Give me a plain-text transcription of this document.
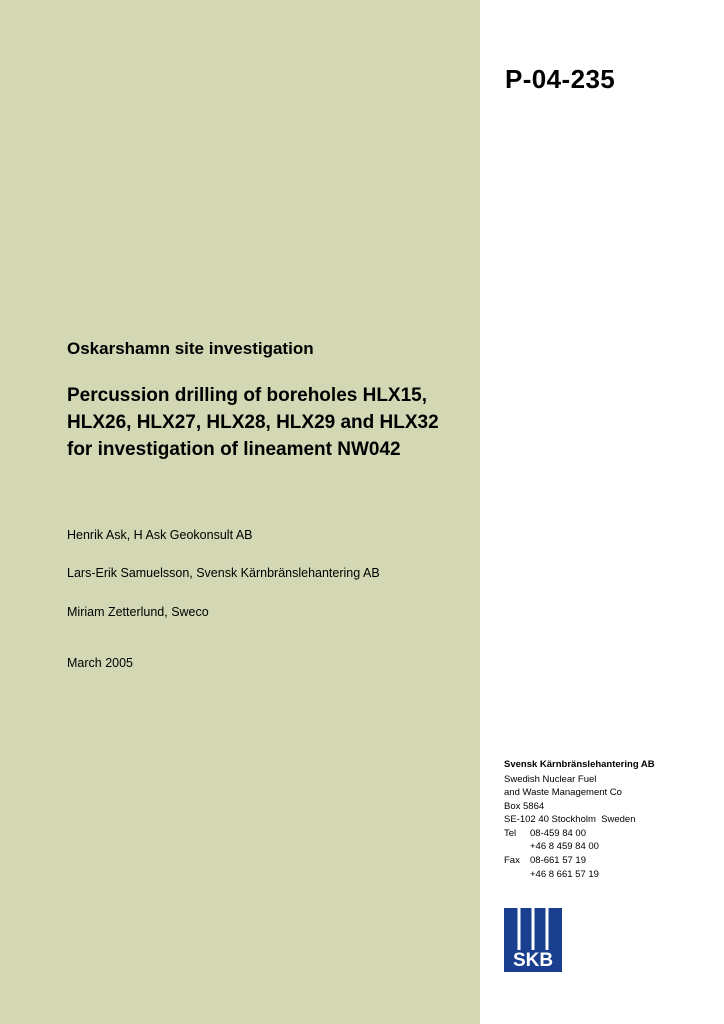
P-04-235
Oskarshamn site investigation
Percussion drilling of boreholes HLX15, HLX26, HLX27, HLX28, HLX29 and HLX32 for investigation of lineament NW042
Henrik Ask, H Ask Geokonsult AB
Lars-Erik Samuelsson, Svensk Kärnbränslehantering AB
Miriam Zetterlund, Sweco
March 2005
Svensk Kärnbränslehantering AB
Swedish Nuclear Fuel
and Waste Management Co
Box 5864
SE-102 40 Stockholm  Sweden
Tel	08-459 84 00
+46 8 459 84 00
Fax	08-661 57 19
+46 8 661 57 19
SKB
